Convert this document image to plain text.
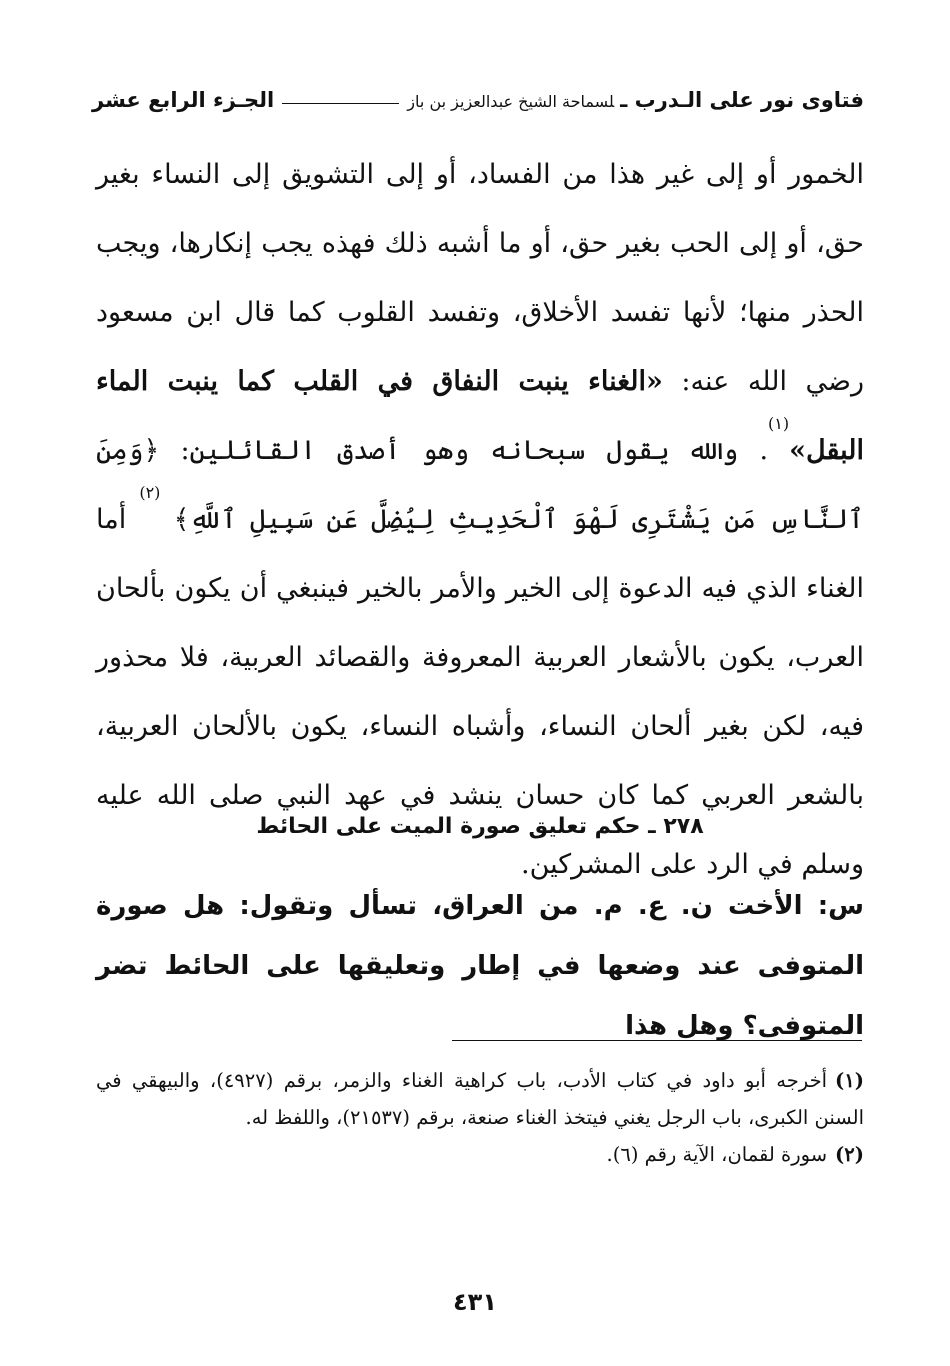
فتاوى نور على الـدرب ـلسماحة الشيخ عبدالعزيز بن باز
الجـزء الرابع عشر

الخمور أو إلى غير هذا من الفساد، أو إلى التشويق إلى النساء بغير حق، أو إلى الحب بغير حق، أو ما أشبه ذلك فهذه يجب إنكارها، ويجب الحذر منها؛ لأنها تفسد الأخلاق، وتفسد القلوب كما قال ابن مسعود رضي الله عنه: «الغناء ينبت النفاق في القلب كما ينبت الماء البقل»$^{(١)}$. والله يقول سبحانه وهو أصدق القائلين: ﴿وَمِنَ ٱلنَّاسِ مَن يَشْتَرِى لَهْوَ ٱلْحَدِيثِ لِيُضِلَّ عَن سَبِيلِ ٱللَّهِ﴾ $^{(٢)}$ أما الغناء الذي فيه الدعوة إلى الخير والأمر بالخير فينبغي أن يكون بألحان العرب، يكون بالأشعار العربية المعروفة والقصائد العربية، فلا محذور فيه، لكن بغير ألحان النساء، وأشباه النساء، يكون بالألحان العربية، بالشعر العربي كما كان حسان ينشد في عهد النبي صلى الله عليه وسلم في الرد على المشركين.

٢٧٨ ـ حكم تعليق صورة الميت على الحائط

س: الأخت ن. ع. م. من العراق، تسأل وتقول: هل صورة المتوفى عند وضعها في إطار وتعليقها على الحائط تضر المتوفى؟ وهل هذا

(١)أخرجه أبو داود في كتاب الأدب، باب كراهية الغناء والزمر، برقم (٤٩٢٧)، والبيهقي في السنن الكبرى، باب الرجل يغني فيتخذ الغناء صنعة، برقم (٢١٥٣٧)، واللفظ له.

(٢)سورة لقمان، الآية رقم (٦).

٤٣١
